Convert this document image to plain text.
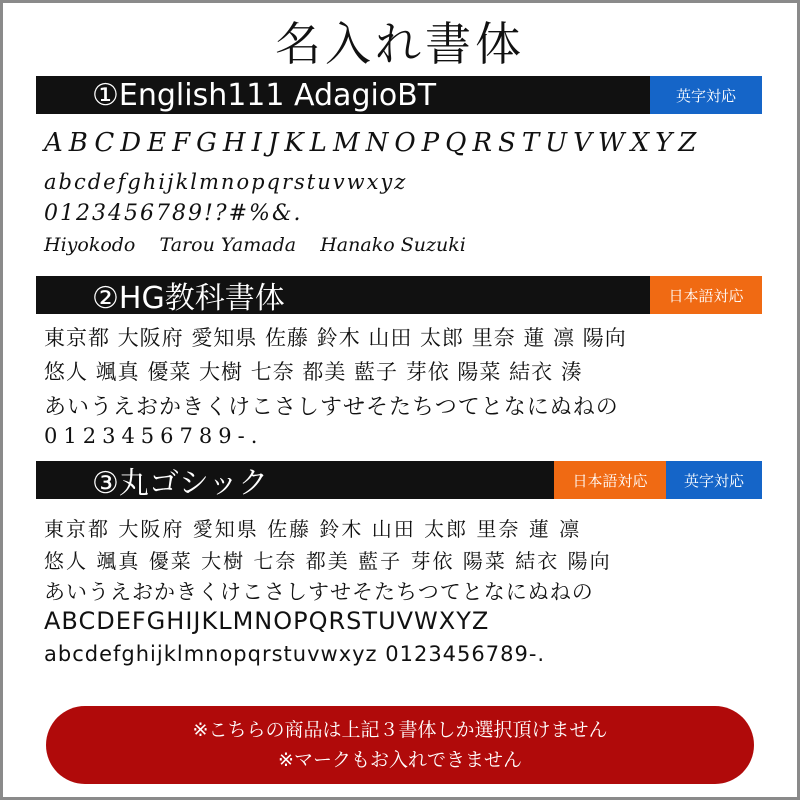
名入れ書体
①English111 AdagioBT	英字対応
ABCDEFGHIJKLMNOPQRSTUVWXYZ
abcdefghijklmnopqrstuvwxyz
0123456789!?#%&.
Hiyokodo    Tarou Yamada    Hanako Suzuki
②HG教科書体	日本語対応
東京都 大阪府 愛知県 佐藤 鈴木 山田 太郎 里奈 蓮 凛 陽向
悠人 颯真 優菜 大樹 七奈 都美 藍子 芽依 陽菜 結衣 湊
あいうえおかきくけこさしすせそたちつてとなにぬねの
0123456789-.
③丸ゴシック	日本語対応	英字対応
東京都 大阪府 愛知県 佐藤 鈴木 山田 太郎 里奈 蓮 凛
悠人 颯真 優菜 大樹 七奈 都美 藍子 芽依 陽菜 結衣 陽向
あいうえおかきくけこさしすせそたちつてとなにぬねの
ABCDEFGHIJKLMNOPQRSTUVWXYZ
abcdefghijklmnopqrstuvwxyz 0123456789-.
※こちらの商品は上記３書体しか選択頂けません
※マークもお入れできません
